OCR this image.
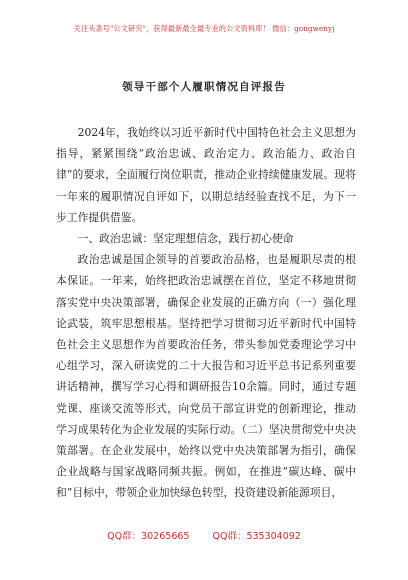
关注头条号"公文研究"，获得最新最全最专业的公文资料库！ 微信：gongwenyj
领导干部个人履职情况自评报告

2024年，我始终以习近平新时代中国特色社会主义思想为指导，紧紧围绕“政治忠诚、政治定力、政治能力、政治自律”的要求，全面履行岗位职责，推动企业持续健康发展。现将一年来的履职情况自评如下，以期总结经验查找不足，为下一步工作提供借鉴。

一、政治忠诚：坚定理想信念，践行初心使命

政治忠诚是国企领导的首要政治品格，也是履职尽责的根本保证。一年来，始终把政治忠诚摆在首位，坚定不移地贯彻落实党中央决策部署，确保企业发展的正确方向（一）强化理论武装，筑牢思想根基。坚持把学习贯彻习近平新时代中国特色社会主义思想作为首要政治任务，带头参加党委理论学习中心组学习，深入研读党的二十大报告和习近平总书记系列重要讲话精神，撰写学习心得和调研报告10余篇。同时，通过专题党课、座谈交流等形式，向党员干部宣讲党的创新理论，推动学习成果转化为企业发展的实际行动。（二）坚决贯彻党中央决策部署。在企业发展中，始终以党中央决策部署为指引，确保企业战略与国家战略同频共振。例如，在推进“碳达峰、碳中和”目标中，带领企业加快绿色转型，投资建设新能源项目，

QQ群：30265665 QQ群：535304092
